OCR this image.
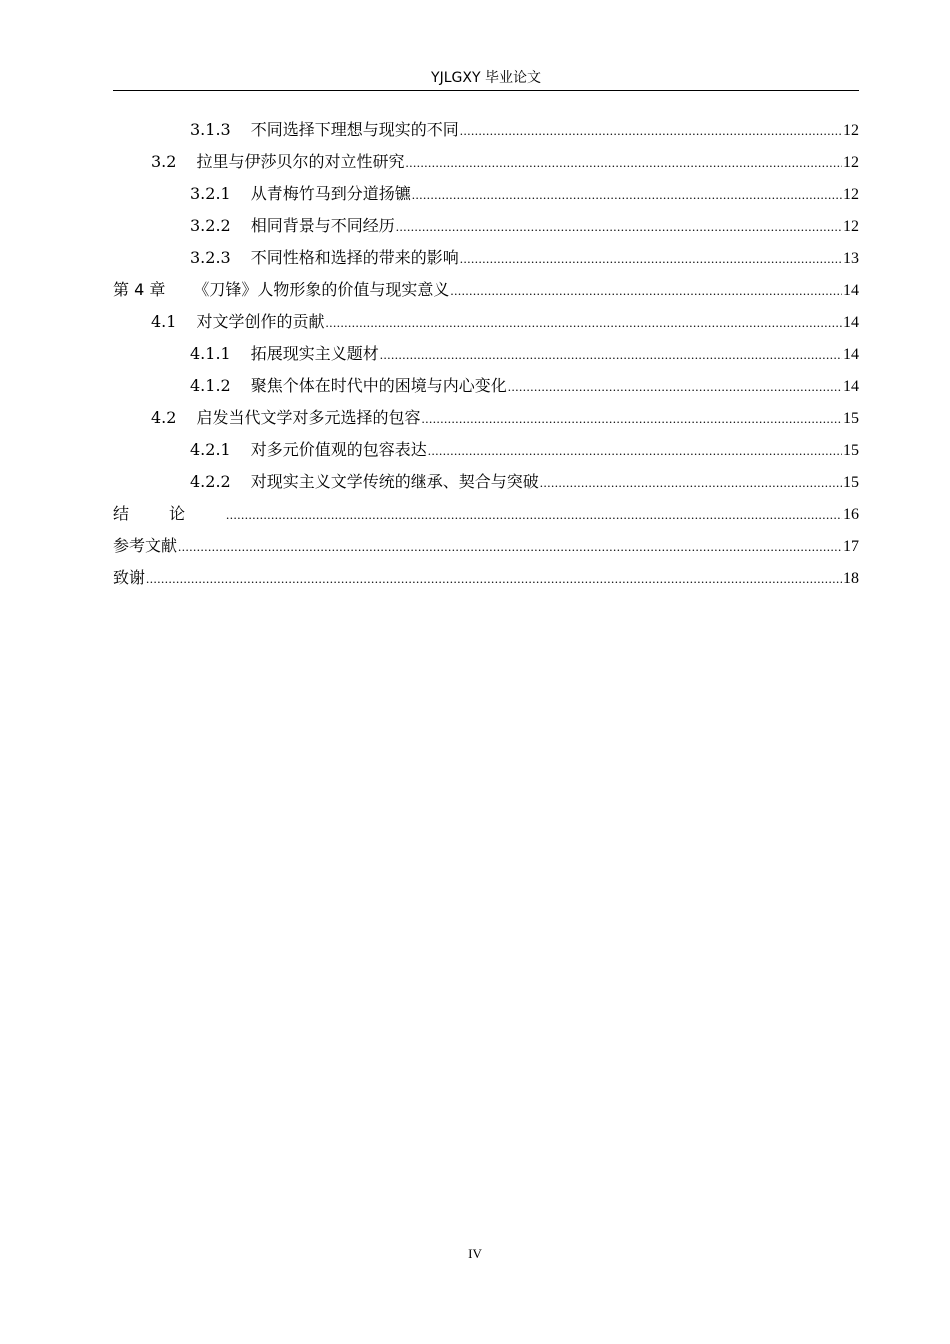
YJLGXY 毕业论文
3.1.3 不同选择下理想与现实的不同 .....	12
3.2 拉里与伊莎贝尔的对立性研究 .....	12
3.2.1 从青梅竹马到分道扬镳 .....	12
3.2.2 相同背景与不同经历 .....	12
3.2.3 不同性格和选择的带来的影响 .....	13
第 4 章 《刀锋》人物形象的价值与现实意义 .....	14
4.1 对文学创作的贡献 .....	14
4.1.1 拓展现实主义题材 .....	14
4.1.2 聚焦个体在时代中的困境与内心变化 .....	14
4.2 启发当代文学对多元选择的包容 .....	15
4.2.1 对多元价值观的包容表达 .....	15
4.2.2 对现实主义文学传统的继承、契合与突破 .....	15
结论 .....	16
参考文献 .....	17
致谢 .....	18
IV
